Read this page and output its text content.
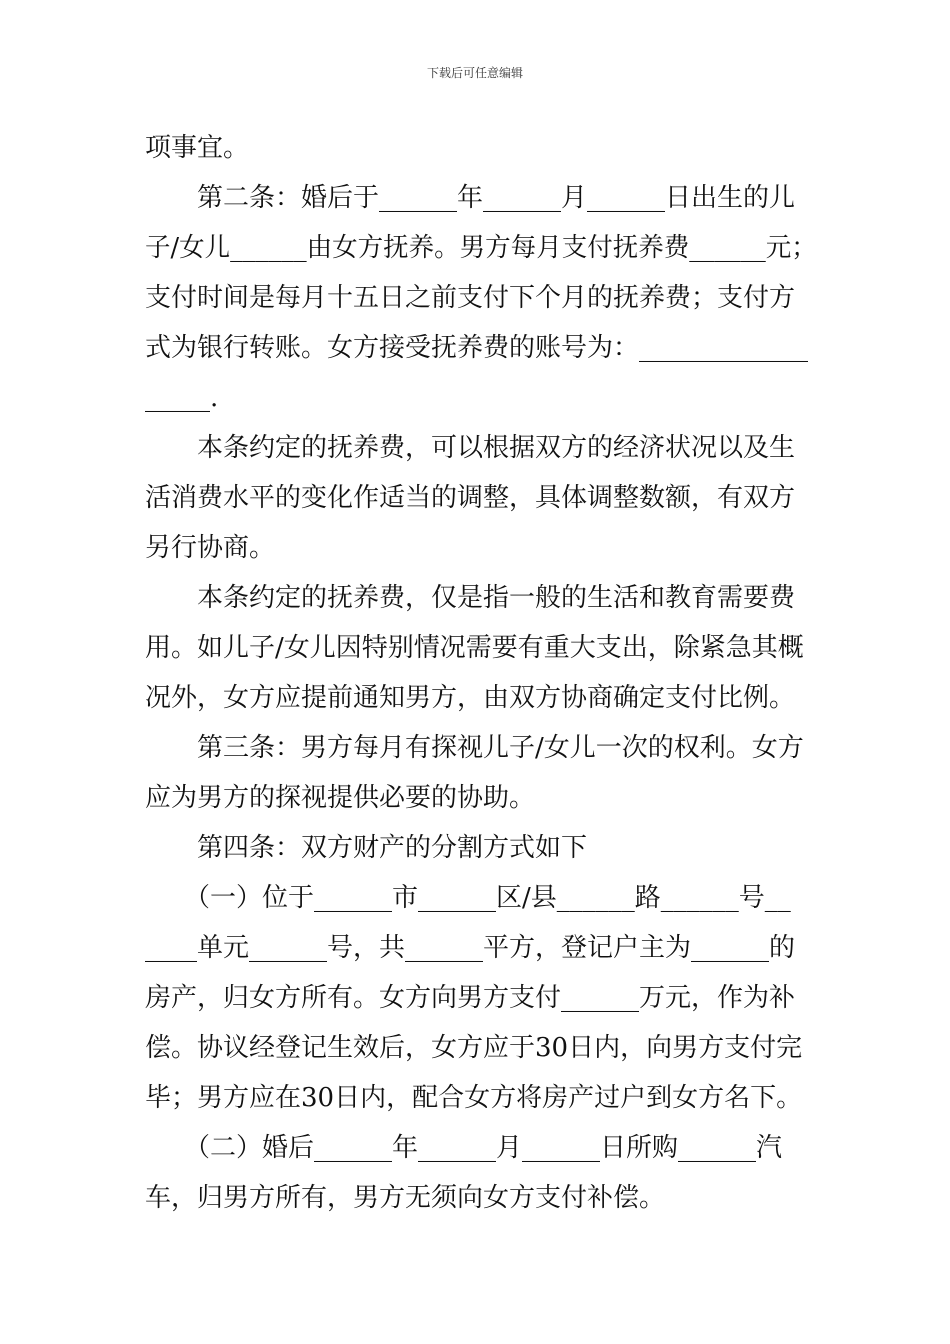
下载后可任意编辑
项事宜。
　　第二条：婚后于______年______月______日出生的儿
子/女儿______由女方抚养。男方每月支付抚养费______元；
支付时间是每月十五日之前支付下个月的抚养费；支付方
式为银行转账。女方接受抚养费的账号为：_____________
_____.
　　本条约定的抚养费，可以根据双方的经济状况以及生
活消费水平的变化作适当的调整，具体调整数额，有双方
另行协商。
　　本条约定的抚养费，仅是指一般的生活和教育需要费
用。如儿子/女儿因特别情况需要有重大支出，除紧急其概
况外，女方应提前通知男方，由双方协商确定支付比例。
　　第三条：男方每月有探视儿子/女儿一次的权利。女方
应为男方的探视提供必要的协助。
　　第四条：双方财产的分割方式如下
　　（一）位于______市______区/县______路______号__
____单元______号，共______平方，登记户主为______的
房产，归女方所有。女方向男方支付______万元，作为补
偿。协议经登记生效后，女方应于30日内，向男方支付完
毕；男方应在30日内，配合女方将房产过户到女方名下。
　　（二）婚后______年______月______日所购______汽
车，归男方所有，男方无须向女方支付补偿。
